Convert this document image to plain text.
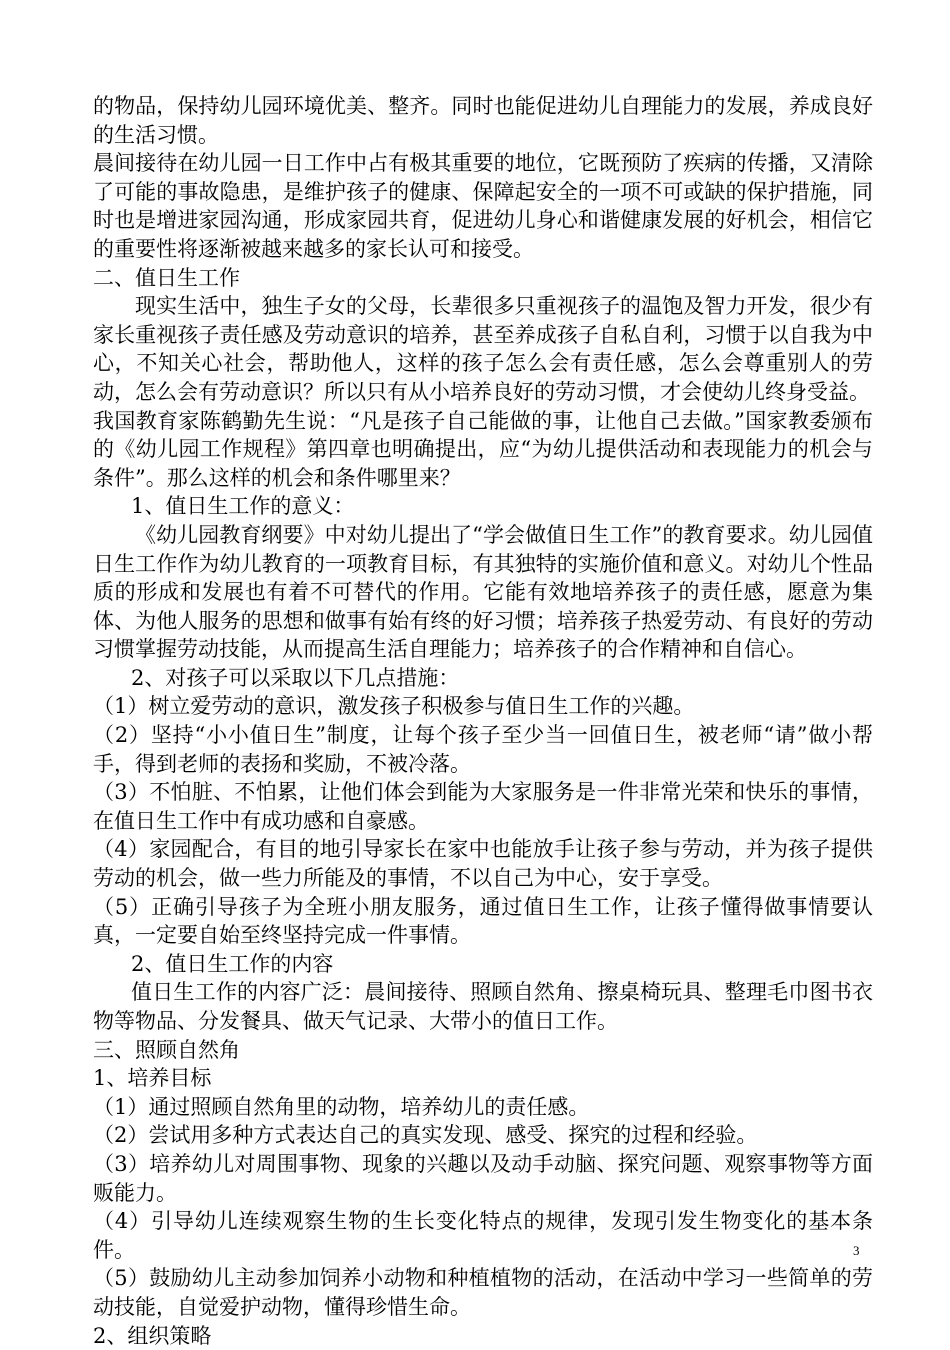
的物品，保持幼儿园环境优美、整齐。同时也能促进幼儿自理能力的发展，养成良好的生活习惯。

晨间接待在幼儿园一日工作中占有极其重要的地位，它既预防了疾病的传播，又清除了可能的事故隐患，是维护孩子的健康、保障起安全的一项不可或缺的保护措施，同时也是增进家园沟通，形成家园共育，促进幼儿身心和谐健康发展的好机会，相信它的重要性将逐渐被越来越多的家长认可和接受。

二、值日生工作

现实生活中，独生子女的父母，长辈很多只重视孩子的温饱及智力开发，很少有家长重视孩子责任感及劳动意识的培养，甚至养成孩子自私自利，习惯于以自我为中心，不知关心社会，帮助他人，这样的孩子怎么会有责任感，怎么会尊重别人的劳动，怎么会有劳动意识？所以只有从小培养良好的劳动习惯，才会使幼儿终身受益。

我国教育家陈鹤勤先生说：“凡是孩子自己能做的事，让他自己去做。”国家教委颁布的《幼儿园工作规程》第四章也明确提出，应“为幼儿提供活动和表现能力的机会与条件”。那么这样的机会和条件哪里来？

1、值日生工作的意义：

《幼儿园教育纲要》中对幼儿提出了“学会做值日生工作”的教育要求。幼儿园值日生工作作为幼儿教育的一项教育目标，有其独特的实施价值和意义。对幼儿个性品质的形成和发展也有着不可替代的作用。它能有效地培养孩子的责任感，愿意为集体、为他人服务的思想和做事有始有终的好习惯；培养孩子热爱劳动、有良好的劳动习惯掌握劳动技能，从而提高生活自理能力；培养孩子的合作精神和自信心。

2、对孩子可以采取以下几点措施：

（1）树立爱劳动的意识，激发孩子积极参与值日生工作的兴趣。

（2）坚持“小小值日生”制度，让每个孩子至少当一回值日生，被老师“请”做小帮手，得到老师的表扬和奖励，不被冷落。

（3）不怕脏、不怕累，让他们体会到能为大家服务是一件非常光荣和快乐的事情，在值日生工作中有成功感和自豪感。

（4）家园配合，有目的地引导家长在家中也能放手让孩子参与劳动，并为孩子提供劳动的机会，做一些力所能及的事情，不以自己为中心，安于享受。

（5）正确引导孩子为全班小朋友服务，通过值日生工作，让孩子懂得做事情要认真，一定要自始至终坚持完成一件事情。

2、值日生工作的内容

值日生工作的内容广泛：晨间接待、照顾自然角、擦桌椅玩具、整理毛巾图书衣物等物品、分发餐具、做天气记录、大带小的值日工作。

三、照顾自然角

1、培养目标

（1）通过照顾自然角里的动物，培养幼儿的责任感。

（2）尝试用多种方式表达自己的真实发现、感受、探究的过程和经验。

（3）培养幼儿对周围事物、现象的兴趣以及动手动脑、探究问题、观察事物等方面贩能力。

（4）引导幼儿连续观察生物的生长变化特点的规律，发现引发生物变化的基本条件。

（5）鼓励幼儿主动参加饲养小动物和种植植物的活动，在活动中学习一些简单的劳动技能，自觉爱护动物，懂得珍惜生命。

2、组织策略

3
